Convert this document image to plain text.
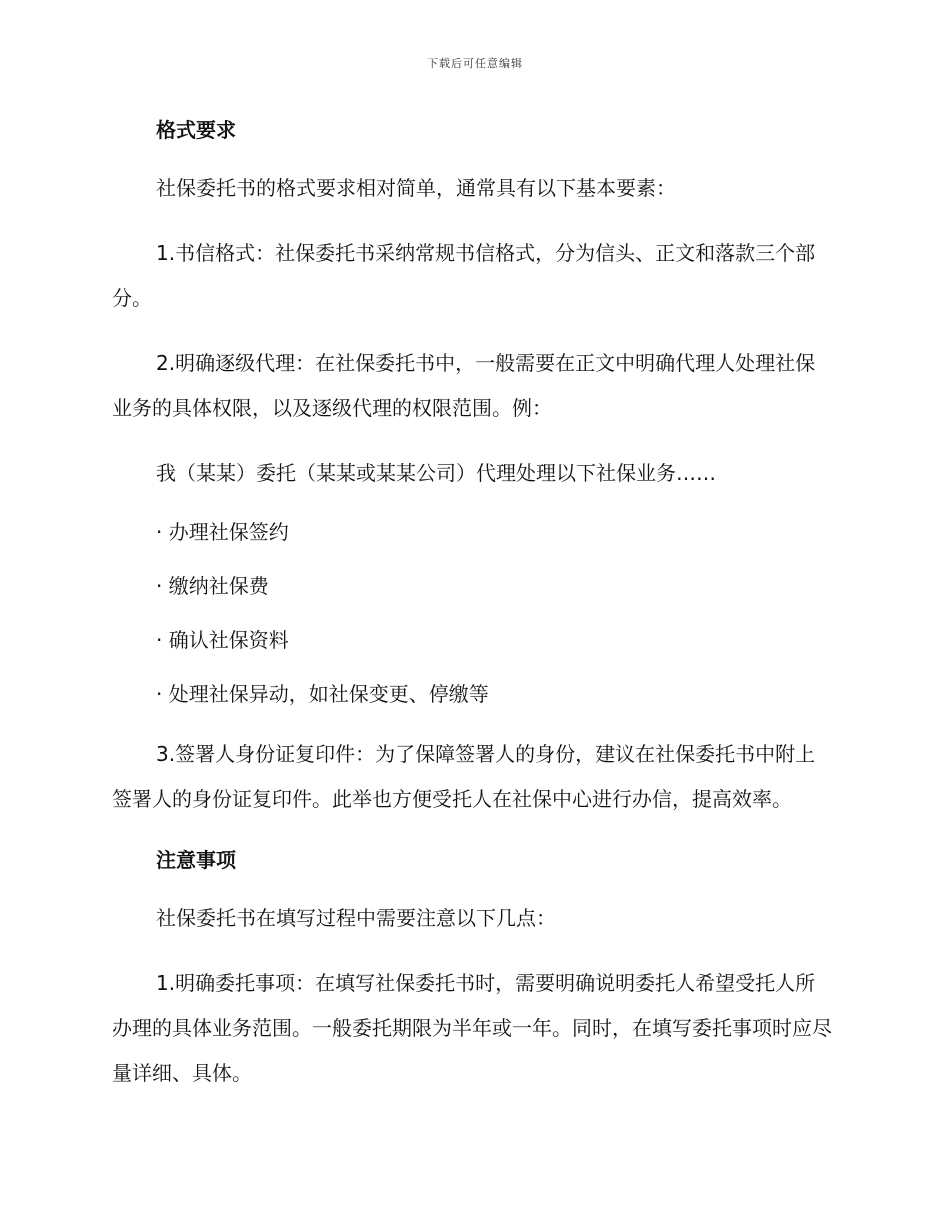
下载后可任意编辑

格式要求

社保委托书的格式要求相对简单，通常具有以下基本要素：

1.书信格式：社保委托书采纳常规书信格式，分为信头、正文和落款三个部分。

2.明确逐级代理：在社保委托书中，一般需要在正文中明确代理人处理社保业务的具体权限，以及逐级代理的权限范围。例：

我（某某）委托（某某或某某公司）代理处理以下社保业务……

· 办理社保签约

· 缴纳社保费

· 确认社保资料

· 处理社保异动，如社保变更、停缴等

3.签署人身份证复印件：为了保障签署人的身份，建议在社保委托书中附上签署人的身份证复印件。此举也方便受托人在社保中心进行办信，提高效率。

注意事项

社保委托书在填写过程中需要注意以下几点：

1.明确委托事项：在填写社保委托书时，需要明确说明委托人希望受托人所办理的具体业务范围。一般委托期限为半年或一年。同时，在填写委托事项时应尽量详细、具体。
